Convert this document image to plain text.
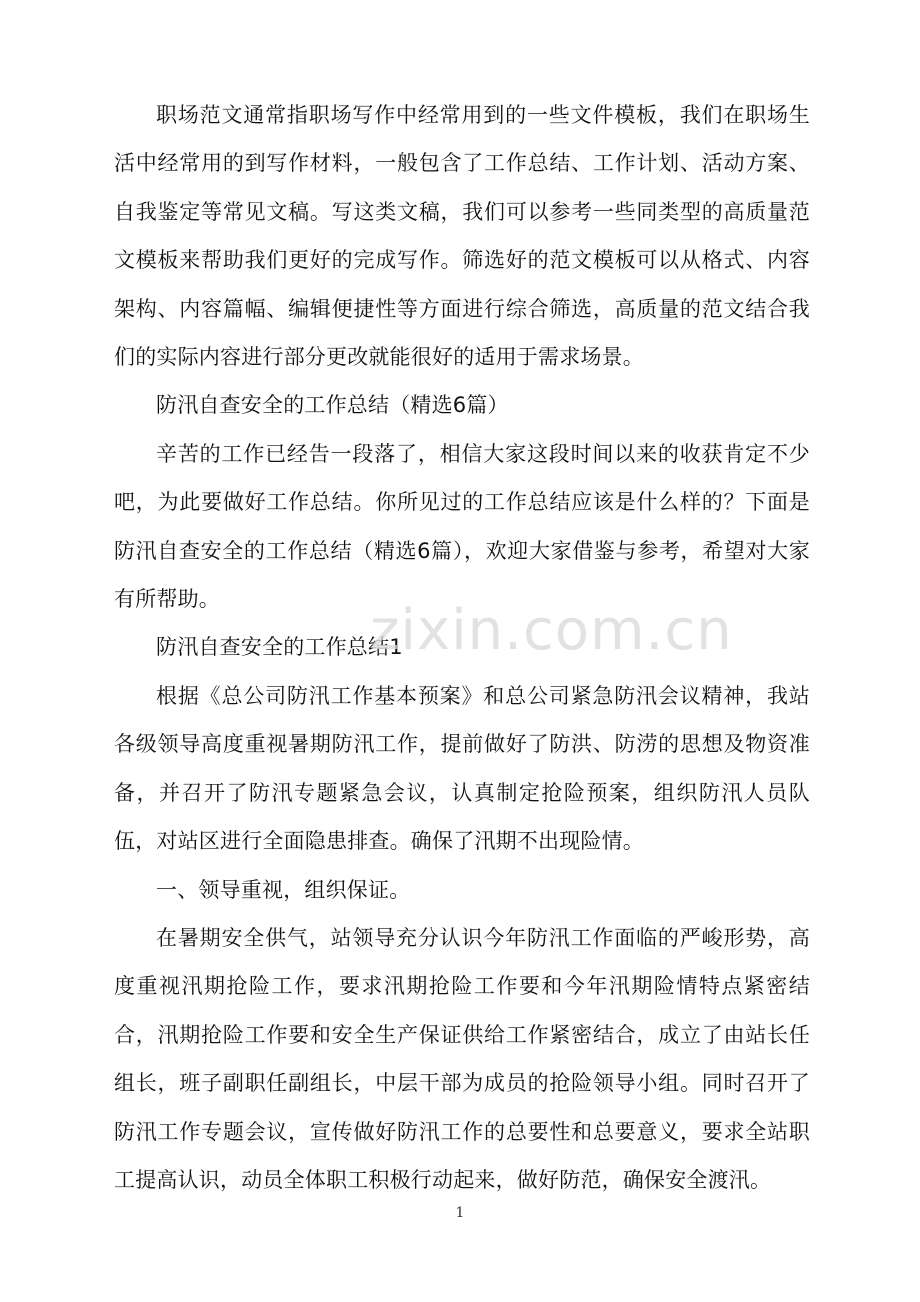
职场范文通常指职场写作中经常用到的一些文件模板，我们在职场生活中经常用的到写作材料，一般包含了工作总结、工作计划、活动方案、自我鉴定等常见文稿。写这类文稿，我们可以参考一些同类型的高质量范文模板来帮助我们更好的完成写作。筛选好的范文模板可以从格式、内容架构、内容篇幅、编辑便捷性等方面进行综合筛选，高质量的范文结合我们的实际内容进行部分更改就能很好的适用于需求场景。

防汛自查安全的工作总结（精选6篇）

辛苦的工作已经告一段落了，相信大家这段时间以来的收获肯定不少吧，为此要做好工作总结。你所见过的工作总结应该是什么样的？下面是防汛自查安全的工作总结（精选6篇），欢迎大家借鉴与参考，希望对大家有所帮助。

防汛自查安全的工作总结1

根据《总公司防汛工作基本预案》和总公司紧急防汛会议精神，我站各级领导高度重视暑期防汛工作，提前做好了防洪、防涝的思想及物资准备，并召开了防汛专题紧急会议，认真制定抢险预案，组织防汛人员队伍，对站区进行全面隐患排查。确保了汛期不出现险情。

一、领导重视，组织保证。

在暑期安全供气，站领导充分认识今年防汛工作面临的严峻形势，高度重视汛期抢险工作，要求汛期抢险工作要和今年汛期险情特点紧密结合，汛期抢险工作要和安全生产保证供给工作紧密结合，成立了由站长任组长，班子副职任副组长，中层干部为成员的抢险领导小组。同时召开了防汛工作专题会议，宣传做好防汛工作的总要性和总要意义，要求全站职工提高认识，动员全体职工积极行动起来，做好防范，确保安全渡汛。

zixin.com.cn
1
